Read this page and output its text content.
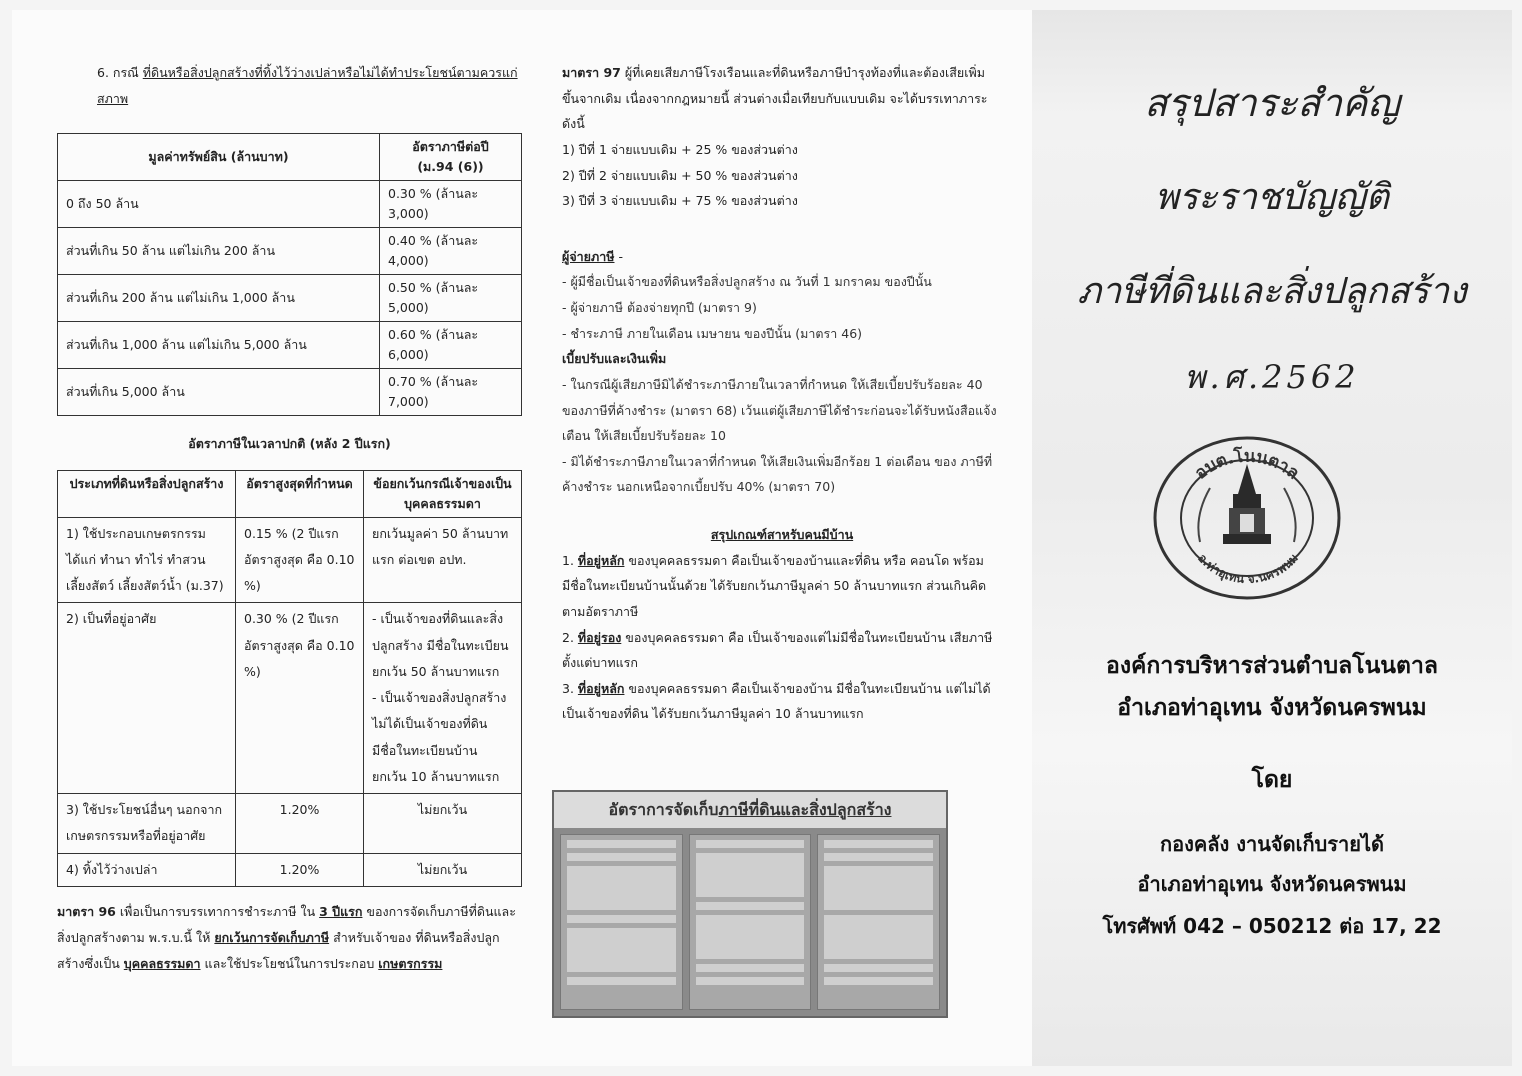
6. กรณี ที่ดินหรือสิ่งปลูกสร้างที่ทิ้งไว้ว่างเปล่าหรือไม่ได้ทำประโยชน์ตามควรแก่สภาพ

มูลค่าทรัพย์สิน (ล้านบาท)	อัตราภาษีต่อปี
(ม.94 (6))

0 ถึง 50 ล้าน	0.30 % (ล้านละ 3,000)
ส่วนที่เกิน 50 ล้าน แต่ไม่เกิน 200 ล้าน	0.40 % (ล้านละ 4,000)
ส่วนที่เกิน 200 ล้าน แต่ไม่เกิน 1,000 ล้าน	0.50 % (ล้านละ 5,000)
ส่วนที่เกิน 1,000 ล้าน แต่ไม่เกิน 5,000 ล้าน	0.60 % (ล้านละ 6,000)
ส่วนที่เกิน 5,000 ล้าน	0.70 % (ล้านละ 7,000)
อัตราภาษีในเวลาปกติ (หลัง 2 ปีแรก)
ประเภทที่ดินหรือสิ่งปลูกสร้าง	อัตราสูงสุดที่กำหนด	ข้อยกเว้นกรณีเจ้าของเป็นบุคคลธรรมดา
1) ใช้ประกอบเกษตรกรรม ได้แก่ ทำนา ทำไร่ ทำสวน เลี้ยงสัตว์ เลี้ยงสัตว์น้ำ (ม.37)	0.15 % (2 ปีแรก อัตราสูงสุด คือ 0.10 %)	ยกเว้นมูลค่า 50 ล้านบาทแรก ต่อเขต อปท.
2) เป็นที่อยู่อาศัย	0.30 % (2 ปีแรก อัตราสูงสุด คือ 0.10 %)	- เป็นเจ้าของที่ดินและสิ่งปลูกสร้าง มีชื่อในทะเบียน ยกเว้น 50 ล้านบาทแรก
- เป็นเจ้าของสิ่งปลูกสร้างไม่ได้เป็นเจ้าของที่ดิน มีชื่อในทะเบียนบ้าน ยกเว้น 10 ล้านบาทแรก

3) ใช้ประโยชน์อื่นๆ นอกจากเกษตรกรรมหรือที่อยู่อาศัย	1.20%	ไม่ยกเว้น
4) ทิ้งไว้ว่างเปล่า	1.20%	ไม่ยกเว้น

มาตรา 96 เพื่อเป็นการบรรเทาการชำระภาษี ใน 3 ปีแรก ของการจัดเก็บภาษีที่ดินและสิ่งปลูกสร้างตาม พ.ร.บ.นี้ ให้ ยกเว้นการจัดเก็บภาษี สำหรับเจ้าของ ที่ดินหรือสิ่งปลูกสร้างซึ่งเป็น บุคคลธรรมดา และใช้ประโยชน์ในการประกอบ เกษตรกรรม

มาตรา 97 ผู้ที่เคยเสียภาษีโรงเรือนและที่ดินหรือภาษีบำรุงท้องที่และต้องเสียเพิ่มขึ้นจากเดิม เนื่องจากกฎหมายนี้ ส่วนต่างเมื่อเทียบกับแบบเดิม จะได้บรรเทาภาระ ดังนี้

1) ปีที่ 1 จ่ายแบบเดิม + 25 % ของส่วนต่าง
2) ปีที่ 2 จ่ายแบบเดิม + 50 % ของส่วนต่าง
3) ปีที่ 3 จ่ายแบบเดิม + 75 % ของส่วนต่าง
ผู้จ่ายภาษี -
- ผู้มีชื่อเป็นเจ้าของที่ดินหรือสิ่งปลูกสร้าง ณ วันที่ 1 มกราคม ของปีนั้น
- ผู้จ่ายภาษี ต้องจ่ายทุกปี (มาตรา 9)
- ชำระภาษี ภายในเดือน เมษายน ของปีนั้น (มาตรา 46)
เบี้ยปรับและเงินเพิ่ม
- ในกรณีผู้เสียภาษีมิได้ชำระภาษีภายในเวลาที่กำหนด ให้เสียเบี้ยปรับร้อยละ 40 ของภาษีที่ค้างชำระ (มาตรา 68) เว้นแต่ผู้เสียภาษีได้ชำระก่อนจะได้รับหนังสือแจ้งเตือน ให้เสียเบี้ยปรับร้อยละ 10
- มิได้ชำระภาษีภายในเวลาที่กำหนด ให้เสียเงินเพิ่มอีกร้อย 1 ต่อเดือน ของ ภาษีที่ค้างชำระ นอกเหนือจากเบี้ยปรับ 40% (มาตรา 70)
สรุปเกณฑ์สาหรับคนมีบ้าน

1. ที่อยู่หลัก ของบุคคลธรรมดา คือเป็นเจ้าของบ้านและที่ดิน หรือ คอนโด พร้อมมีชื่อในทะเบียนบ้านนั้นด้วย ได้รับยกเว้นภาษีมูลค่า 50 ล้านบาทแรก ส่วนเกินคิดตามอัตราภาษี

2. ที่อยู่รอง ของบุคคลธรรมดา คือ เป็นเจ้าของแต่ไม่มีชื่อในทะเบียนบ้าน เสียภาษีตั้งแต่บาทแรก

3. ที่อยู่หลัก ของบุคคลธรรมดา คือเป็นเจ้าของบ้าน มีชื่อในทะเบียนบ้าน แต่ไม่ได้เป็นเจ้าของที่ดิน ได้รับยกเว้นภาษีมูลค่า 10 ล้านบาทแรก

อัตราการจัดเก็บ ภาษีที่ดินและสิ่งปลูกสร้าง
สรุปสาระสำคัญ
พระราชบัญญัติ
ภาษีที่ดินและสิ่งปลูกสร้าง
พ.ศ.2562
อบต.โนนตาล
อ.ท่าอุเทน จ.นครพนม
องค์การบริหารส่วนตำบลโนนตาล
อำเภอท่าอุเทน จังหวัดนครพนม
โดย
กองคลัง งานจัดเก็บรายได้
อำเภอท่าอุเทน จังหวัดนครพนม
โทรศัพท์ 042 – 050212 ต่อ 17, 22
